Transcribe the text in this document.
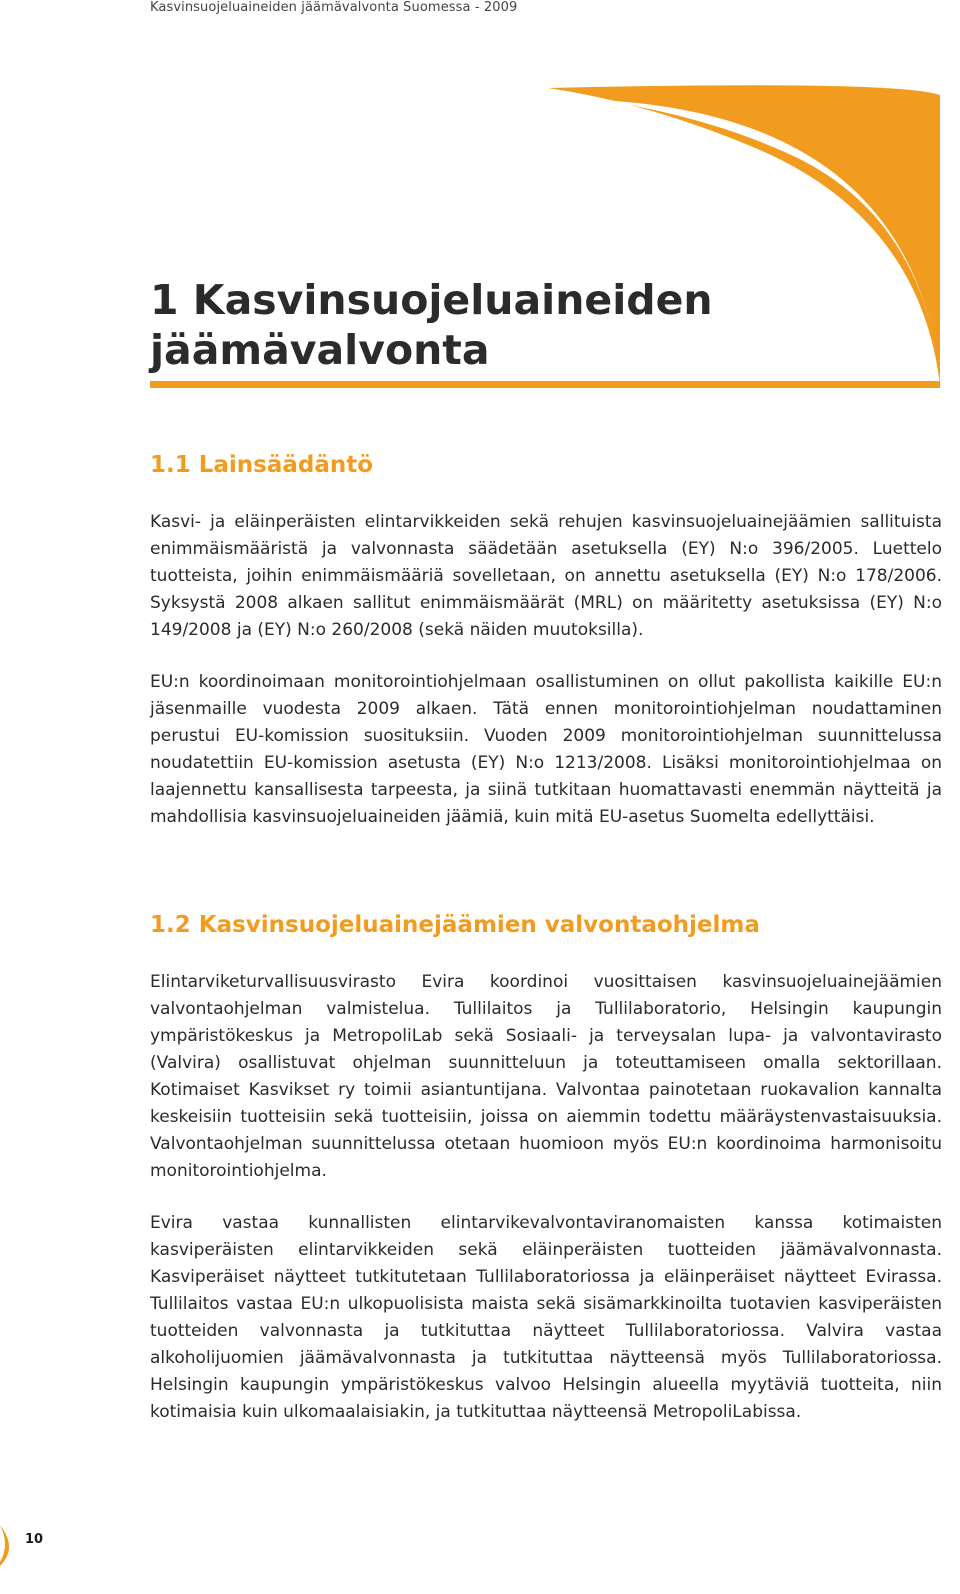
Kasvinsuojeluaineiden jäämävalvonta Suomessa - 2009
1 Kasvinsuojeluaineiden
jäämävalvonta
1.1 Lainsäädäntö

Kasvi- ja eläinperäisten elintarvikkeiden sekä rehujen kasvinsuojeluainejäämien sallituista enimmäismääristä ja valvonnasta säädetään asetuksella (EY) N:o 396/2005. Luettelo tuotteista, joihin enimmäismääriä sovelletaan, on annettu asetuksella (EY) N:o 178/2006. Syksystä 2008 alkaen sallitut enimmäismäärät (MRL) on määritetty asetuksissa (EY) N:o 149/2008 ja (EY) N:o 260/2008 (sekä näiden muutoksilla).

EU:n koordinoimaan monitorointiohjelmaan osallistuminen on ollut pakollista kaikille EU:n jäsenmaille vuodesta 2009 alkaen. Tätä ennen monitorointiohjelman noudattaminen perustui EU-komission suosituksiin. Vuoden 2009 monitorointiohjelman suunnittelussa noudatettiin EU-komission asetusta (EY) N:o 1213/2008. Lisäksi monitorointiohjelmaa on laajennettu kansallisesta tarpeesta, ja siinä tutkitaan huomattavasti enemmän näytteitä ja mahdollisia kasvinsuojeluaineiden jäämiä, kuin mitä EU-asetus Suomelta edellyttäisi.

1.2 Kasvinsuojeluainejäämien valvontaohjelma

Elintarviketurvallisuusvirasto Evira koordinoi vuosittaisen kasvinsuojeluainejäämien valvontaohjelman valmistelua. Tullilaitos ja Tullilaboratorio, Helsingin kaupungin ympäristökeskus ja MetropoliLab sekä Sosiaali- ja terveysalan lupa- ja valvontavirasto (Valvira) osallistuvat ohjelman suunnitteluun ja toteuttamiseen omalla sektorillaan. Kotimaiset Kasvikset ry toimii asiantuntijana. Valvontaa painotetaan ruokavalion kannalta keskeisiin tuotteisiin sekä tuotteisiin, joissa on aiemmin todettu määräystenvastaisuuksia. Valvontaohjelman suunnittelussa otetaan huomioon myös EU:n koordinoima harmonisoitu monitorointiohjelma.

Evira vastaa kunnallisten elintarvikevalvontaviranomaisten kanssa kotimaisten kasviperäisten elintarvikkeiden sekä eläinperäisten tuotteiden jäämävalvonnasta. Kasviperäiset näytteet tutkitutetaan Tullilaboratoriossa ja eläinperäiset näytteet Evirassa. Tullilaitos vastaa EU:n ulkopuolisista maista sekä sisämarkkinoilta tuotavien kasviperäisten tuotteiden valvonnasta ja tutkituttaa näytteet Tullilaboratoriossa. Valvira vastaa alkoholijuomien jäämävalvonnasta ja tutkituttaa näytteensä myös Tullilaboratoriossa. Helsingin kaupungin ympäristökeskus valvoo Helsingin alueella myytäviä tuotteita, niin kotimaisia kuin ulkomaalaisiakin, ja tutkituttaa näytteensä MetropoliLabissa.

10
